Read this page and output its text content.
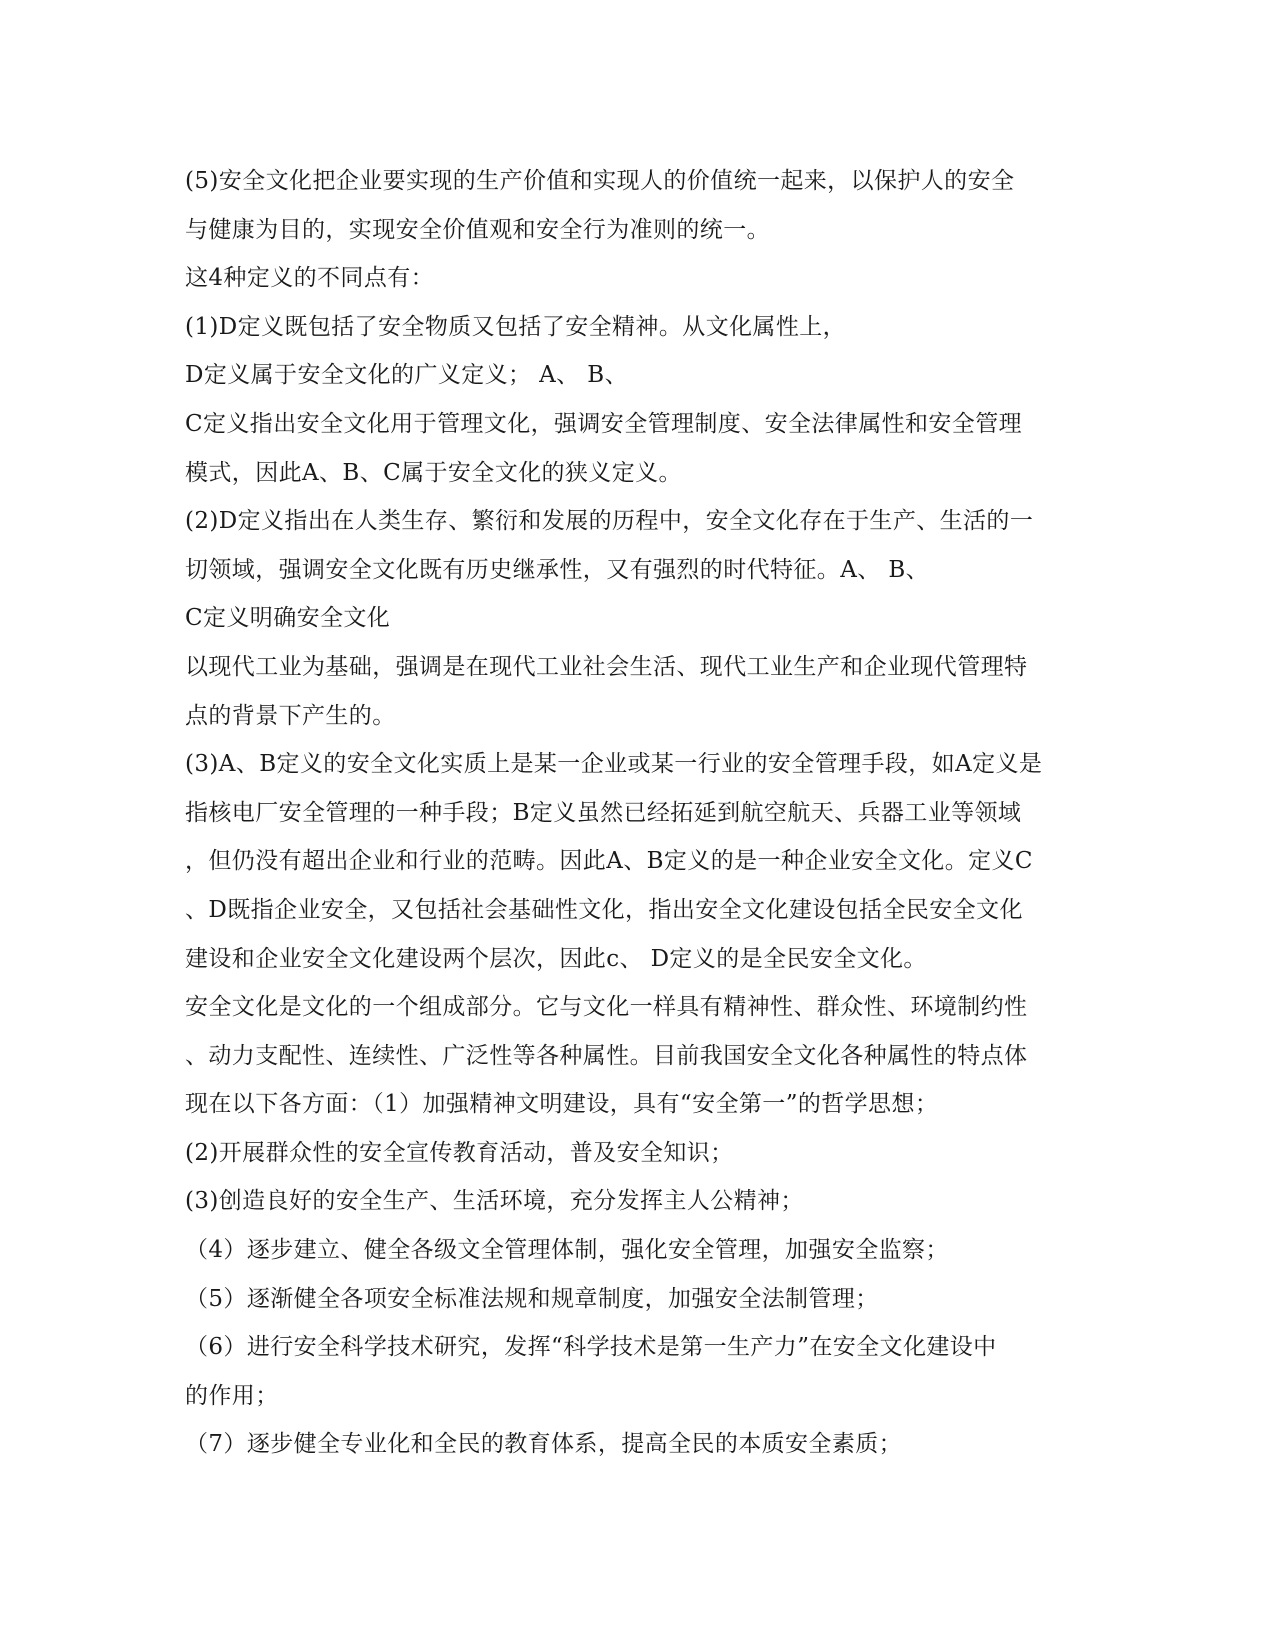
(5)安全文化把企业要实现的生产价值和实现人的价值统一起来，以保护人的安全
与健康为目的，实现安全价值观和安全行为准则的统一。
这4种定义的不同点有：
(1)D定义既包括了安全物质又包括了安全精神。从文化属性上，
D定义属于安全文化的广义定义； A、 B、
C定义指出安全文化用于管理文化，强调安全管理制度、安全法律属性和安全管理
模式，因此A、B、C属于安全文化的狭义定义。
(2)D定义指出在人类生存、繁衍和发展的历程中，安全文化存在于生产、生活的一
切领域，强调安全文化既有历史继承性，又有强烈的时代特征。A、 B、
C定义明确安全文化
以现代工业为基础，强调是在现代工业社会生活、现代工业生产和企业现代管理特
点的背景下产生的。
(3)A、B定义的安全文化实质上是某一企业或某一行业的安全管理手段，如A定义是
指核电厂安全管理的一种手段；B定义虽然已经拓延到航空航天、兵器工业等领域
，但仍没有超出企业和行业的范畴。因此A、B定义的是一种企业安全文化。定义C
、D既指企业安全，又包括社会基础性文化，指出安全文化建设包括全民安全文化
建设和企业安全文化建设两个层次，因此c、 D定义的是全民安全文化。
安全文化是文化的一个组成部分。它与文化一样具有精神性、群众性、环境制约性
、动力支配性、连续性、广泛性等各种属性。目前我国安全文化各种属性的特点体
现在以下各方面：（1）加强精神文明建设，具有“安全第一”的哲学思想；
(2)开展群众性的安全宣传教育活动，普及安全知识；
(3)创造良好的安全生产、生活环境，充分发挥主人公精神；
（4）逐步建立、健全各级文全管理体制，强化安全管理，加强安全监察；
（5）逐渐健全各项安全标准法规和规章制度，加强安全法制管理；
（6）进行安全科学技术研究，发挥“科学技术是第一生产力”在安全文化建设中
的作用；
（7）逐步健全专业化和全民的教育体系，提高全民的本质安全素质；
